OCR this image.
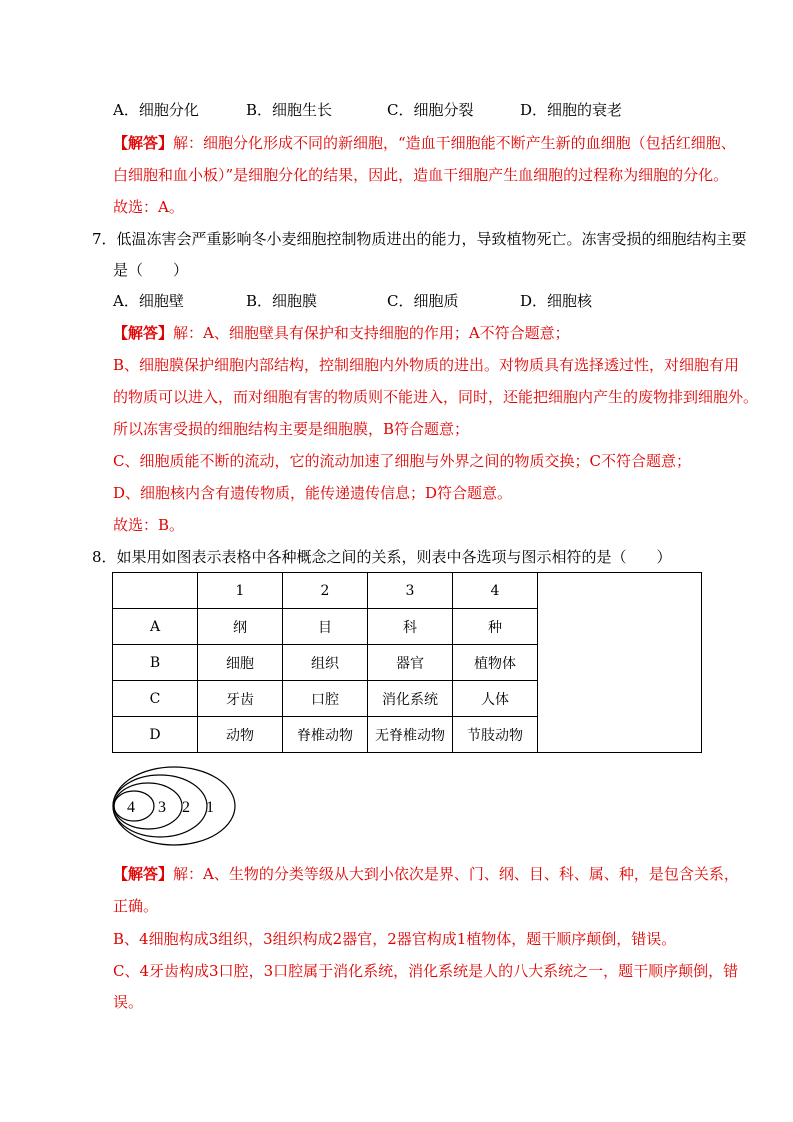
A．细胞分化	B．细胞生长	C．细胞分裂	D．细胞的衰老
【解答】解：细胞分化形成不同的新细胞，“造血干细胞能不断产生新的血细胞（包括红细胞、
白细胞和血小板）”是细胞分化的结果，因此，造血干细胞产生血细胞的过程称为细胞的分化。
故选：A。
7．低温冻害会严重影响冬小麦细胞控制物质进出的能力，导致植物死亡。冻害受损的细胞结构主要
是（　　）
A．细胞壁	B．细胞膜	C．细胞质	D．细胞核
【解答】解：A、细胞壁具有保护和支持细胞的作用；A不符合题意；
B、细胞膜保护细胞内部结构，控制细胞内外物质的进出。对物质具有选择透过性，对细胞有用
的物质可以进入，而对细胞有害的物质则不能进入，同时，还能把细胞内产生的废物排到细胞外。
所以冻害受损的细胞结构主要是细胞膜，B符合题意；
C、细胞质能不断的流动，它的流动加速了细胞与外界之间的物质交换；C不符合题意；
D、细胞核内含有遗传物质，能传递遗传信息；D符合题意。
故选：B。
8．如果用如图表示表格中各种概念之间的关系，则表中各选项与图示相符的是（　　）
	1	2	3	4	
A	纲	目	科	种	
B	细胞	组织	器官	植物体	
C	牙齿	口腔	消化系统	人体	
D	动物	脊椎动物	无脊椎动物	节肢动物	
4 3 2 1
【解答】解：A、生物的分类等级从大到小依次是界、门、纲、目、科、属、种，是包含关系，
正确。
B、4细胞构成3组织，3组织构成2器官，2器官构成1植物体，题干顺序颠倒，错误。
C、4牙齿构成3口腔，3口腔属于消化系统，消化系统是人的八大系统之一，题干顺序颠倒，错
误。
